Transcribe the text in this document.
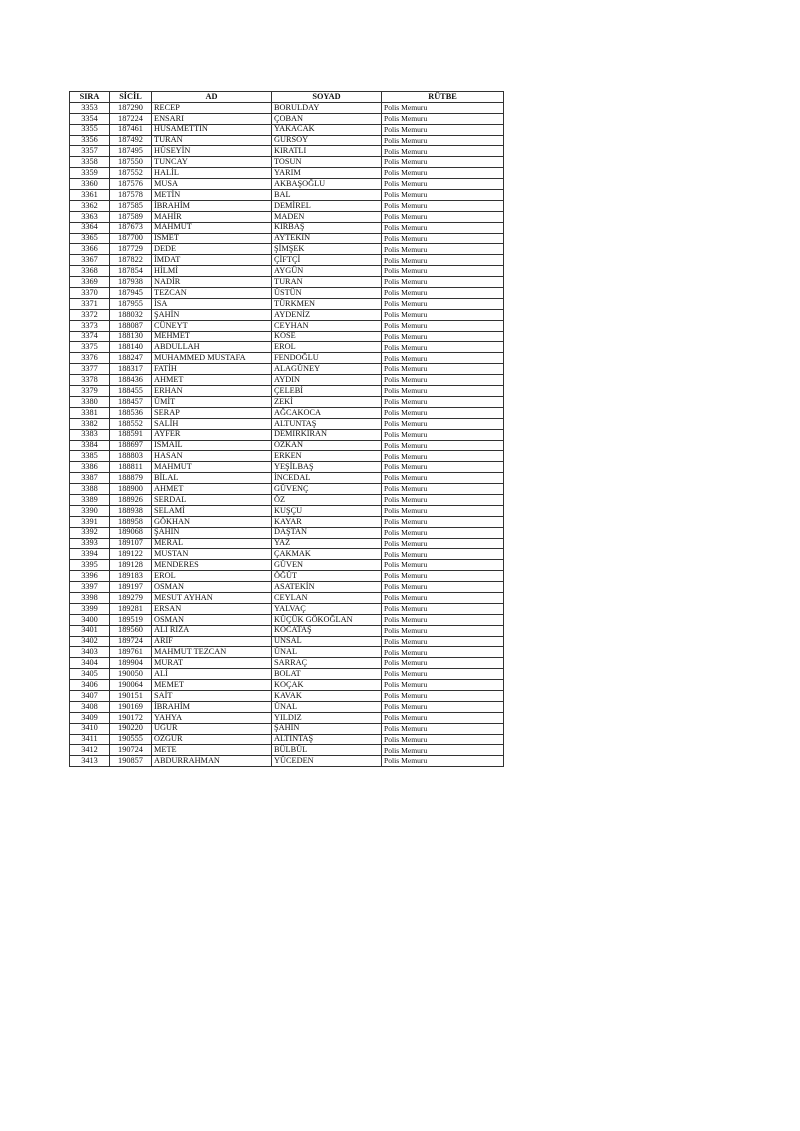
SIRA	SİCİL	AD	SOYAD	RÜTBE
3353	187290	RECEP	BORULDAY	Polis Memuru
3354	187224	ENSARI	ÇOBAN	Polis Memuru
3355	187461	HÜSAMETTİN	YAKACAK	Polis Memuru
3356	187492	TURAN	GÜRSOY	Polis Memuru
3357	187495	HÜSEYİN	KIRATLI	Polis Memuru
3358	187550	TUNCAY	TOSUN	Polis Memuru
3359	187552	HALİL	YARIM	Polis Memuru
3360	187576	MUSA	AKBAŞOĞLU	Polis Memuru
3361	187578	METİN	BAL	Polis Memuru
3362	187585	İBRAHİM	DEMİREL	Polis Memuru
3363	187589	MAHİR	MADEN	Polis Memuru
3364	187673	MAHMUT	KIRBAŞ	Polis Memuru
3365	187700	İSMET	AYTEKİN	Polis Memuru
3366	187729	DEDE	ŞİMŞEK	Polis Memuru
3367	187822	İMDAT	ÇİFTÇİ	Polis Memuru
3368	187854	HİLMİ	AYGÜN	Polis Memuru
3369	187938	NADİR	TURAN	Polis Memuru
3370	187945	TEZCAN	ÜSTÜN	Polis Memuru
3371	187955	İSA	TÜRKMEN	Polis Memuru
3372	188032	ŞAHİN	AYDENİZ	Polis Memuru
3373	188087	CÜNEYT	CEYHAN	Polis Memuru
3374	188130	MEHMET	KÖSE	Polis Memuru
3375	188140	ABDULLAH	EROL	Polis Memuru
3376	188247	MUHAMMED MUSTAFA	FENDOĞLU	Polis Memuru
3377	188317	FATİH	ALAGÜNEY	Polis Memuru
3378	188436	AHMET	AYDIN	Polis Memuru
3379	188455	ERHAN	ÇELEBİ	Polis Memuru
3380	188457	ÜMİT	ZEKİ	Polis Memuru
3381	188536	SERAP	AĞCAKOCA	Polis Memuru
3382	188552	SALİH	ALTUNTAŞ	Polis Memuru
3383	188591	AYFER	DEMİRKIRAN	Polis Memuru
3384	188697	İSMAİL	ÖZKAN	Polis Memuru
3385	188803	HASAN	ERKEN	Polis Memuru
3386	188811	MAHMUT	YEŞİLBAŞ	Polis Memuru
3387	188879	BİLAL	İNCEDAL	Polis Memuru
3388	188900	AHMET	GÜVENÇ	Polis Memuru
3389	188926	SERDAL	ÖZ	Polis Memuru
3390	188938	SELAMİ	KUŞÇU	Polis Memuru
3391	188958	GÖKHAN	KAYAR	Polis Memuru
3392	189068	ŞAHİN	DAŞTAN	Polis Memuru
3393	189107	MERAL	YAZ	Polis Memuru
3394	189122	MUSTAN	ÇAKMAK	Polis Memuru
3395	189128	MENDERES	GÜVEN	Polis Memuru
3396	189183	EROL	ÖĞÜT	Polis Memuru
3397	189197	OSMAN	ASATEKİN	Polis Memuru
3398	189279	MESUT AYHAN	CEYLAN	Polis Memuru
3399	189281	ERSAN	YALVAÇ	Polis Memuru
3400	189519	OSMAN	KÜÇÜK GÖKOĞLAN	Polis Memuru
3401	189560	ALİ RIZA	KOCATAŞ	Polis Memuru
3402	189724	ARİF	ÜNSAL	Polis Memuru
3403	189761	MAHMUT TEZCAN	ÜNAL	Polis Memuru
3404	189904	MURAT	SARRAÇ	Polis Memuru
3405	190050	ALİ	BOLAT	Polis Memuru
3406	190064	MEMET	KOÇAK	Polis Memuru
3407	190151	SAİT	KAVAK	Polis Memuru
3408	190169	İBRAHİM	ÜNAL	Polis Memuru
3409	190172	YAHYA	YILDIZ	Polis Memuru
3410	190220	UĞUR	ŞAHİN	Polis Memuru
3411	190555	ÖZGÜR	ALTINTAŞ	Polis Memuru
3412	190724	METE	BÜLBÜL	Polis Memuru
3413	190857	ABDURRAHMAN	YÜCEDEN	Polis Memuru
